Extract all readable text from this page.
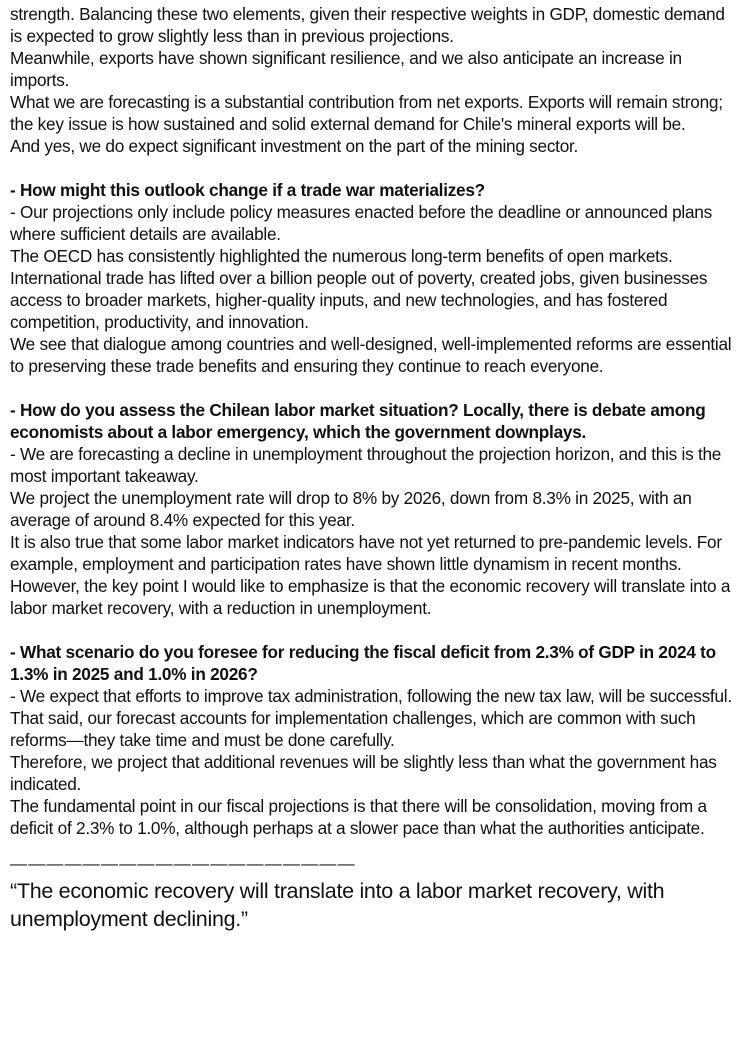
strength. Balancing these two elements, given their respective weights in GDP, domestic demand is expected to grow slightly less than in previous projections.

Meanwhile, exports have shown significant resilience, and we also anticipate an increase in imports.

What we are forecasting is a substantial contribution from net exports. Exports will remain strong; the key issue is how sustained and solid external demand for Chile's mineral exports will be.

And yes, we do expect significant investment on the part of the mining sector.

- How might this outlook change if a trade war materializes?

- Our projections only include policy measures enacted before the deadline or announced plans where sufficient details are available.

The OECD has consistently highlighted the numerous long-term benefits of open markets. International trade has lifted over a billion people out of poverty, created jobs, given businesses access to broader markets, higher-quality inputs, and new technologies, and has fostered competition, productivity, and innovation.

We see that dialogue among countries and well-designed, well-implemented reforms are essential to preserving these trade benefits and ensuring they continue to reach everyone.

- How do you assess the Chilean labor market situation? Locally, there is debate among economists about a labor emergency, which the government downplays.

- We are forecasting a decline in unemployment throughout the projection horizon, and this is the most important takeaway.

We project the unemployment rate will drop to 8% by 2026, down from 8.3% in 2025, with an average of around 8.4% expected for this year.

It is also true that some labor market indicators have not yet returned to pre-pandemic levels. For example, employment and participation rates have shown little dynamism in recent months.

However, the key point I would like to emphasize is that the economic recovery will translate into a labor market recovery, with a reduction in unemployment.

- What scenario do you foresee for reducing the fiscal deficit from 2.3% of GDP in 2024 to 1.3% in 2025 and 1.0% in 2026?

- We expect that efforts to improve tax administration, following the new tax law, will be successful. That said, our forecast accounts for implementation challenges, which are common with such reforms—they take time and must be done carefully.

Therefore, we project that additional revenues will be slightly less than what the government has indicated.

The fundamental point in our fiscal projections is that there will be consolidation, moving from a deficit of 2.3% to 1.0%, although perhaps at a slower pace than what the authorities anticipate.

———————————————————

“The economic recovery will translate into a labor market recovery, with unemployment declining.”
